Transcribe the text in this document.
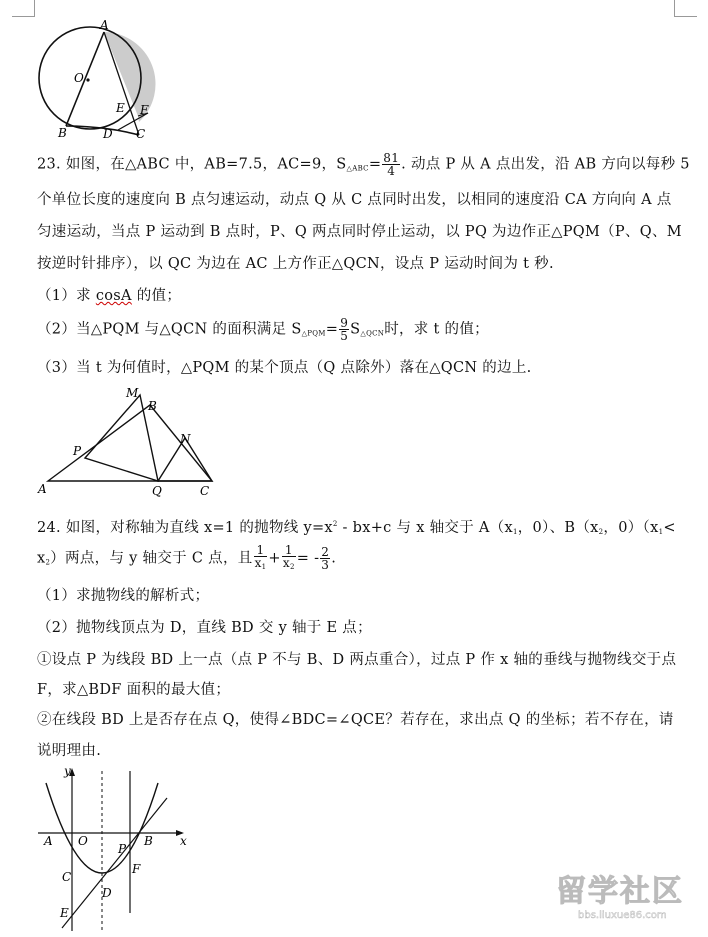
A
O
E F
B	D C
23. 如图，在△ABC 中，AB=7.5，AC=9，$S_{\triangle ABC}= \frac{81}{4}$ . 动点 P 从 A 点出发，沿 AB 方向以每秒 5
个单位长度的速度向 B 点匀速运动，动点 Q 从 C 点同时出发，以相同的速度沿 CA 方向向 A 点
匀速运动，当点 P 运动到 B 点时，P、Q 两点同时停止运动，以 PQ 为边作正△PQM（P、Q、M
按逆时针排序），以 QC 为边在 AC 上方作正△QCN，设点 P 运动时间为 t 秒.
（1）求 cosA 的值；
（2）当△PQM 与△QCN 的面积满足 $S_{\triangle PQM}= \frac{9}{5} S_{\triangle QCN}$时，求 t 的值；
（3）当 t 为何值时，△PQM 的某个顶点（Q 点除外）落在△QCN 的边上.
M
B
N
P
A	Q	C
24. 如图，对称轴为直线 x=1 的抛物线 $y=x^2 - bx+c$ 与 x 轴交于 $A(x_1$，0）、$B(x_2$，$0)(x_1<$
$x_2$）两点，与 y 轴交于 C 点，且 $\frac{1}{x_1} + \frac{1}{x_2}$ = - $\frac{2}{3}$ .
（1）求抛物线的解析式；
（2）抛物线顶点为 D，直线 BD 交 y 轴于 E 点；
①设点 P 为线段 BD 上一点（点 P 不与 B、D 两点重合），过点 P 作 x 轴的垂线与抛物线交于点
F，求△BDF 面积的最大值；
②在线段 BD 上是否存在点 Q，使得∠BDC=∠QCE？若存在，求出点 Q 的坐标；若不存在，请
说明理由.
y
x
A O	B
P
C
F
D
E
留学社区
bbs.liuxue86.com
